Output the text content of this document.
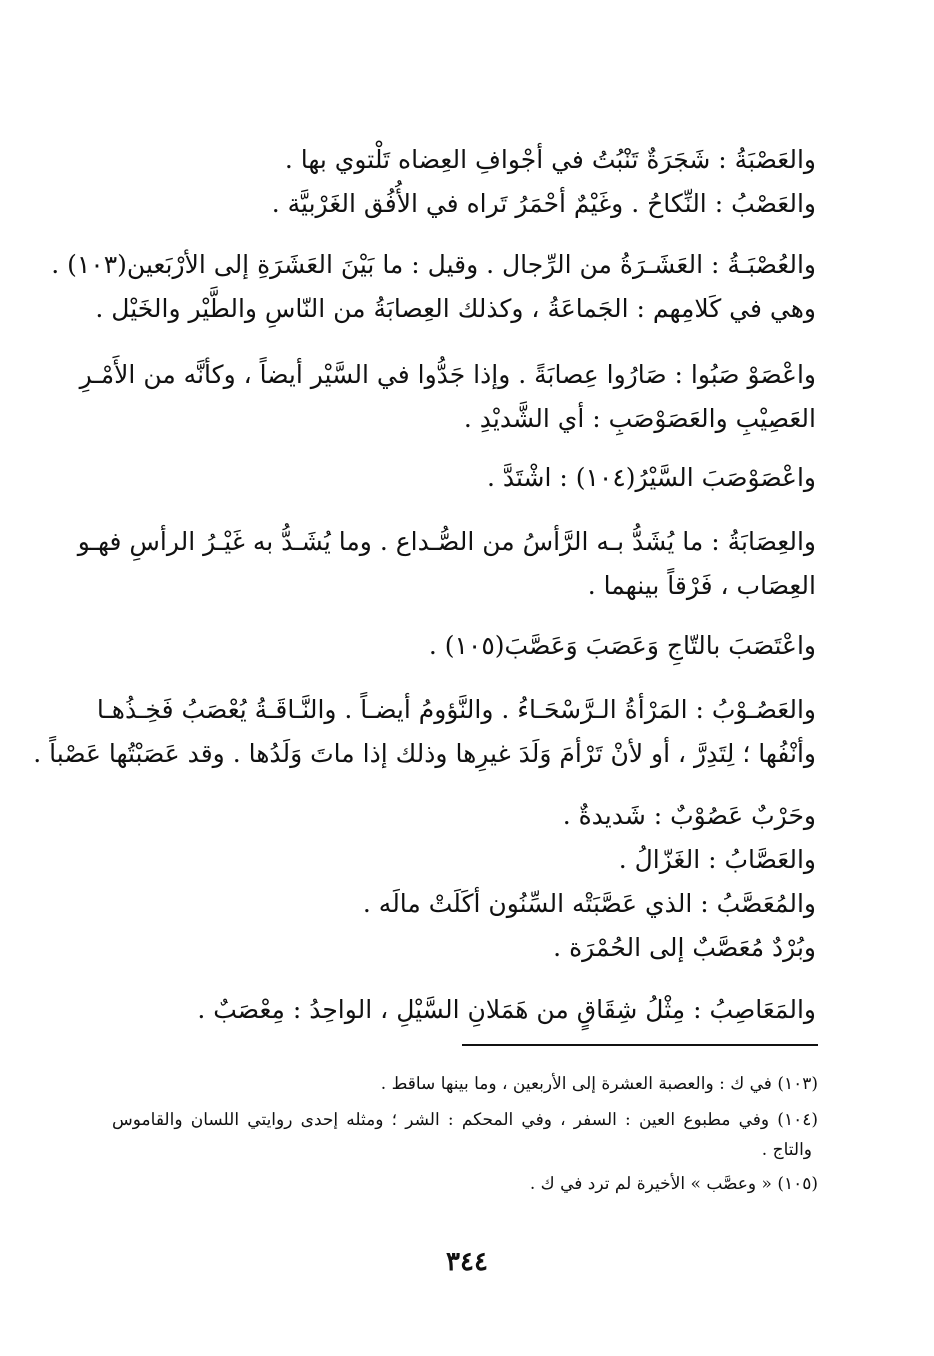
والعَصْبَةُ : شَجَرَةٌ تَنْبُتُ في أجْوافِ العِضاه تَلْتوي بها .
والعَصْبُ : النِّكاحُ . وغَيْمٌ أحْمَرُ تَراه في الأُفُق الغَرْبيَّة .
والعُصْبَـةُ : العَشَـرَةُ من الرِّجال . وقيل : ما بَيْنَ العَشَرَةِ إلى الأرْبَعين(١٠٣) .
وهي في كَلامِهم : الجَماعَةُ ، وكذلك العِصابَةُ من النّاسِ والطَّيْر والخَيْل .
واعْصَوْ صَبُوا : صَارُوا عِصابَةً . وإذا جَدُّوا في السَّيْر أيضاً ، وكأنَّه من الأَمْـرِ
العَصِيْبِ والعَصَوْصَبِ : أي الشَّديْدِ .
واعْصَوْصَبَ السَّيْرُ(١٠٤) : اشْتَدَّ .
والعِصَابَةُ : ما يُشَدُّ بـه الرَّأسُ من الصُّـداع . وما يُشَـدُّ به غَيْـرُ الرأسِ فهـو
العِصَاب ، فَرْقاً بينهما .
واعْتَصَبَ بالتّاجِ وَعَصَبَ وَعَصَّبَ(١٠٥) .
والعَصُـوْبُ : المَرْأةُ الـرَّسْحَـاءُ . والنَّؤومُ أيضـاً . والنَّـاقَـةُ يُعْصَبُ فَخِـذُهـا
وأنْفُها ؛ لِتَدِرَّ ، أو لأنْ تَرْأمَ وَلَدَ غيرِها وذلك إذا ماتَ وَلَدُها . وقد عَصَبْتُها عَصْباً .
وحَرْبٌ عَصُوْبٌ : شَديدةٌ .
والعَصَّابُ : الغَزّالُ .
والمُعَصَّبُ : الذي عَصَّبَتْه السِّنُون أكَلَتْ مالَه .
وبُرْدٌ مُعَصَّبٌ إلى الحُمْرَة .
والمَعَاصِبُ : مِثْلُ شِقَاقٍ من هَمَلانِ السَّيْلِ ، الواحِدُ : مِعْصَبٌ .
(١٠٣) في ك : والعصبة العشرة إلى الأربعين ، وما بينها ساقط .
(١٠٤) وفي مطبوع العين : السفر ، وفي المحكم : الشر ؛ ومثله إحدى روايتي اللسان والقاموس
والتاج .
(١٠٥) « وعصَّب » الأخيرة لم ترد في ك .
٣٤٤
